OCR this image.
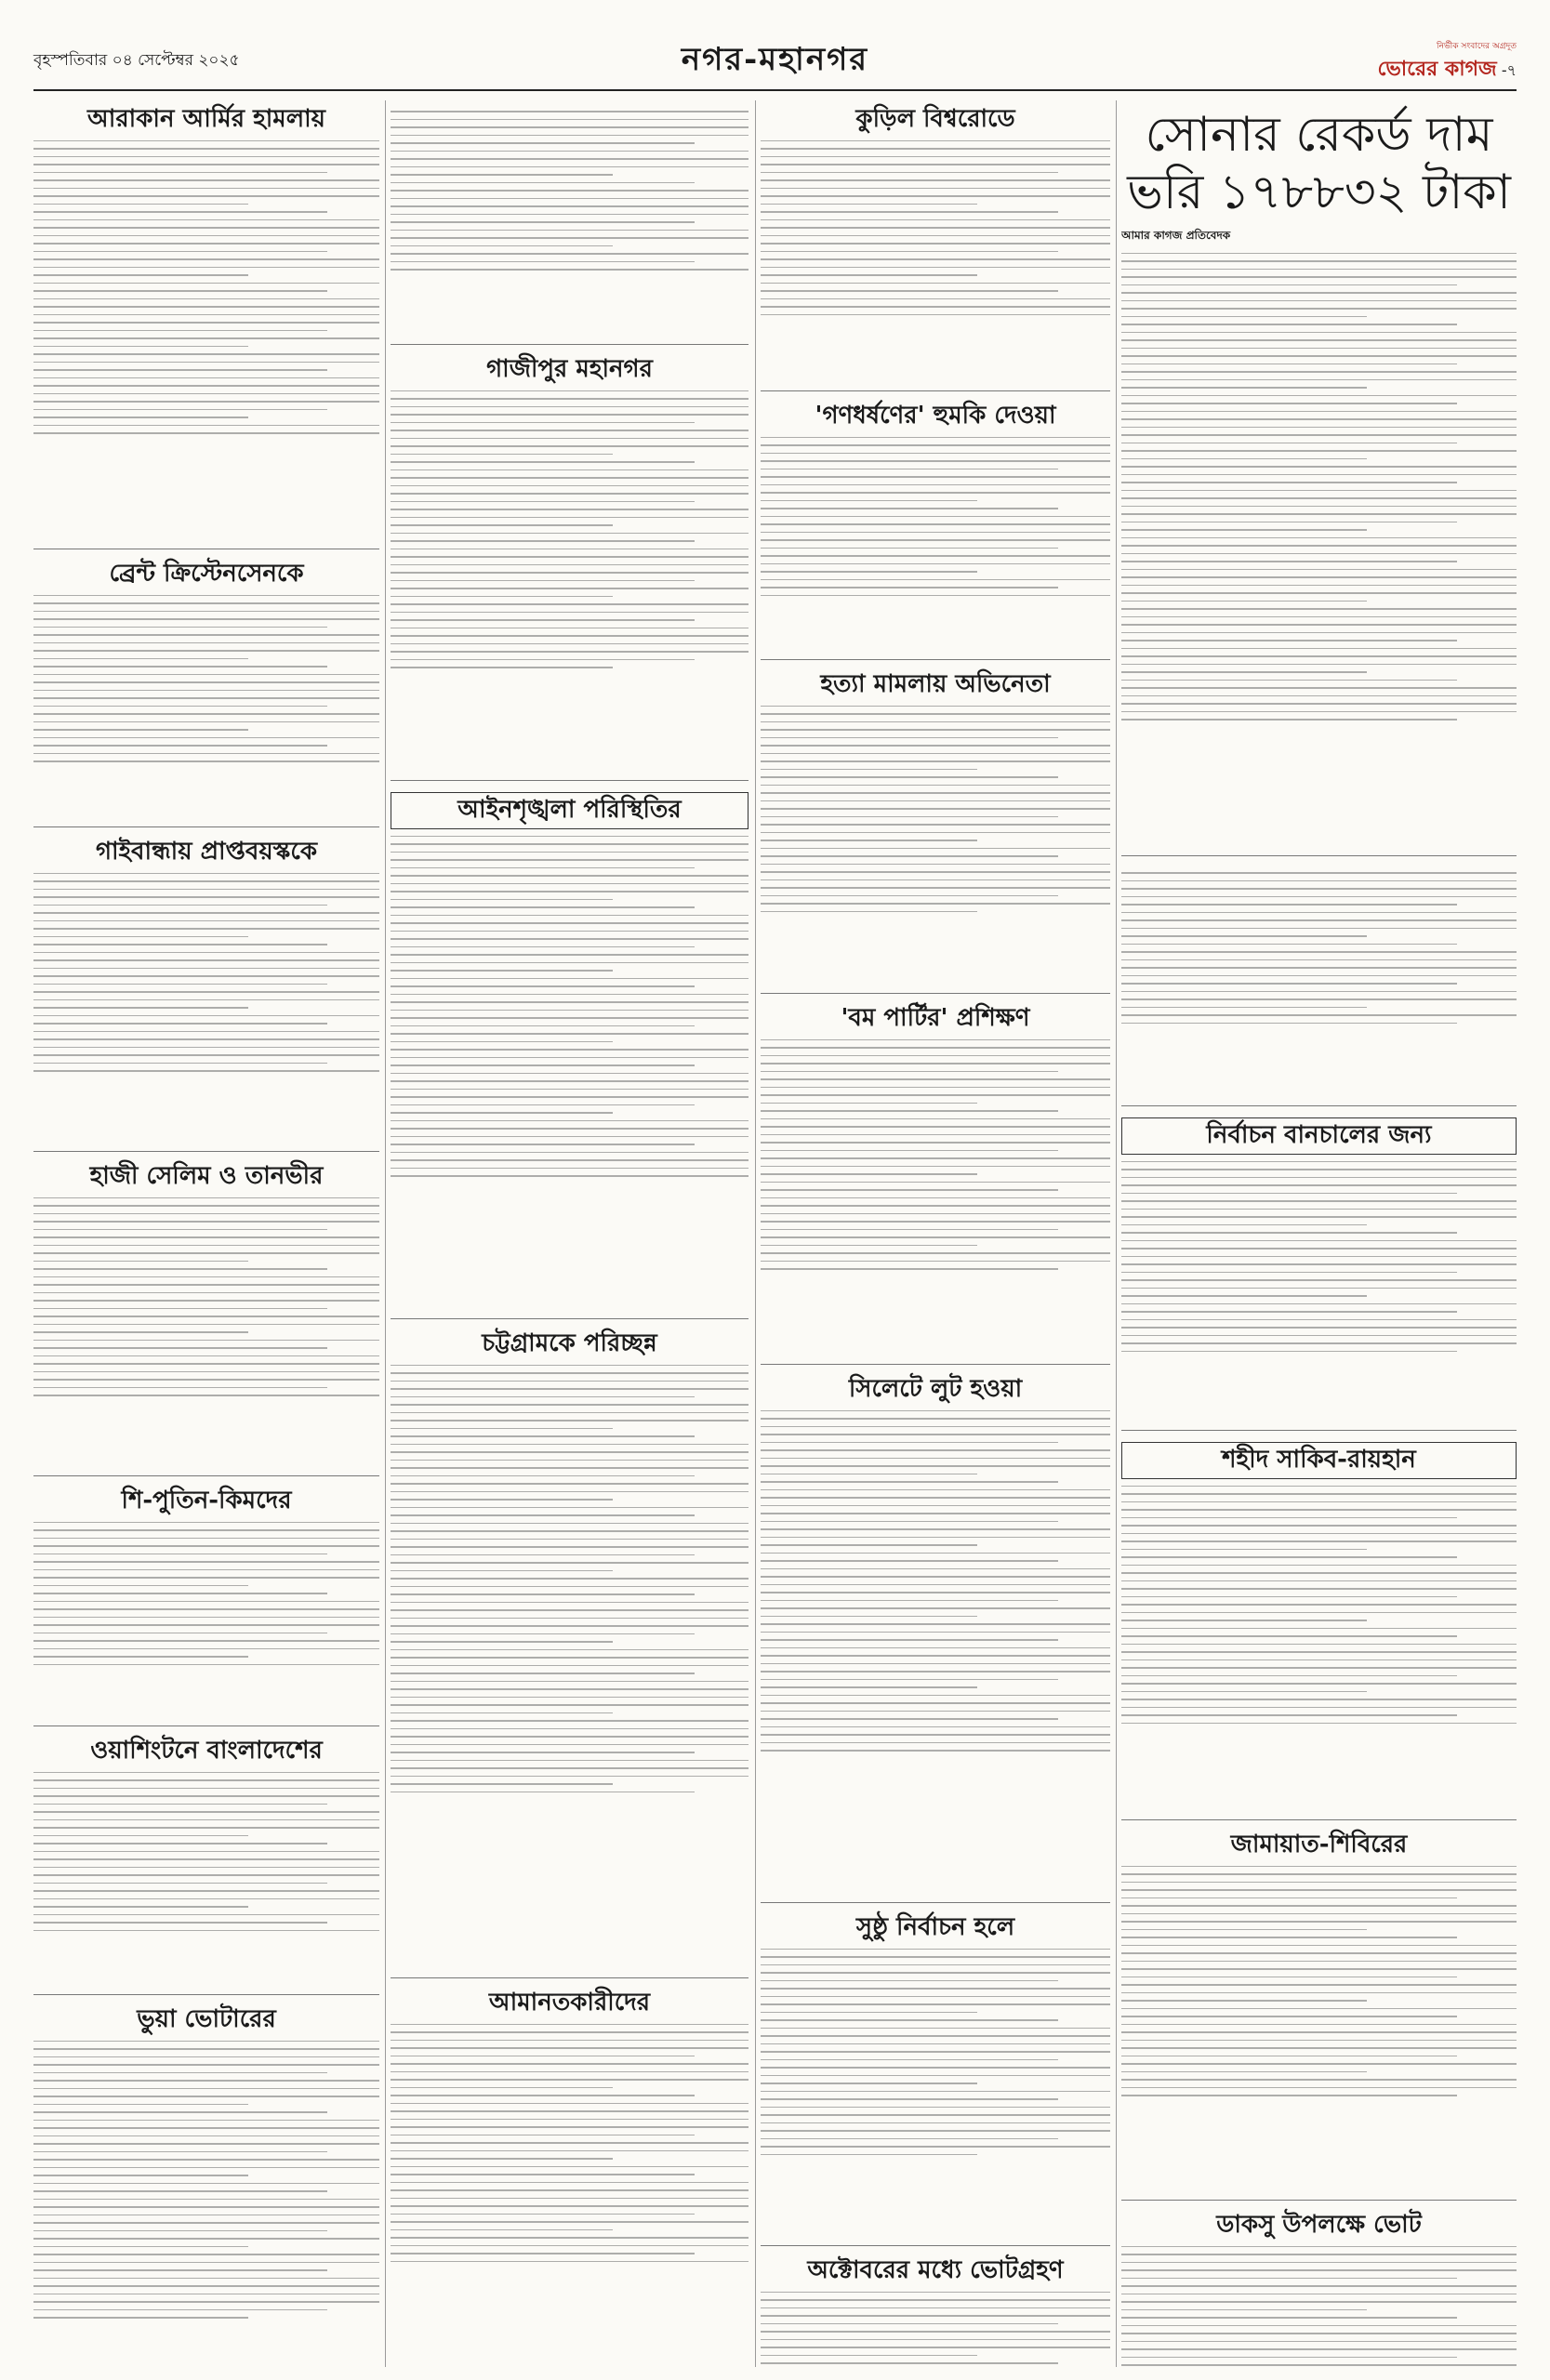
বৃহস্পতিবার ০৪ সেপ্টেম্বর ২০২৫	নগর-মহানগর	নির্ভীক সংবাদের অগ্রদূত
ভোরের কাগজ -৭
আরাকান আর্মির হামলায়
ব্রেন্ট ক্রিস্টেনসেনকে
গাইবান্ধায় প্রাপ্তবয়স্ককে
হাজী সেলিম ও তানভীর
শি-পুতিন-কিমদের
ওয়াশিংটনে বাংলাদেশের
ভুয়া ভোটারের
গাজীপুর মহানগর
আইনশৃঙ্খলা পরিস্থিতির
চট্টগ্রামকে পরিচ্ছন্ন
আমানতকারীদের
কুড়িল বিশ্বরোডে
'গণধর্ষণের' হুমকি দেওয়া
হত্যা মামলায় অভিনেতা
'বম পার্টির' প্রশিক্ষণ
সিলেটে লুট হওয়া
সুষ্ঠু নির্বাচন হলে
অক্টোবরের মধ্যে ভোটগ্রহণ
সোনার রেকর্ড দাম ভরি ১৭৮৮৩২ টাকা
আমার কাগজ প্রতিবেদক
নির্বাচন বানচালের জন্য
শহীদ সাকিব-রায়হান
জামায়াত-শিবিরের
ডাকসু উপলক্ষে ভোট
